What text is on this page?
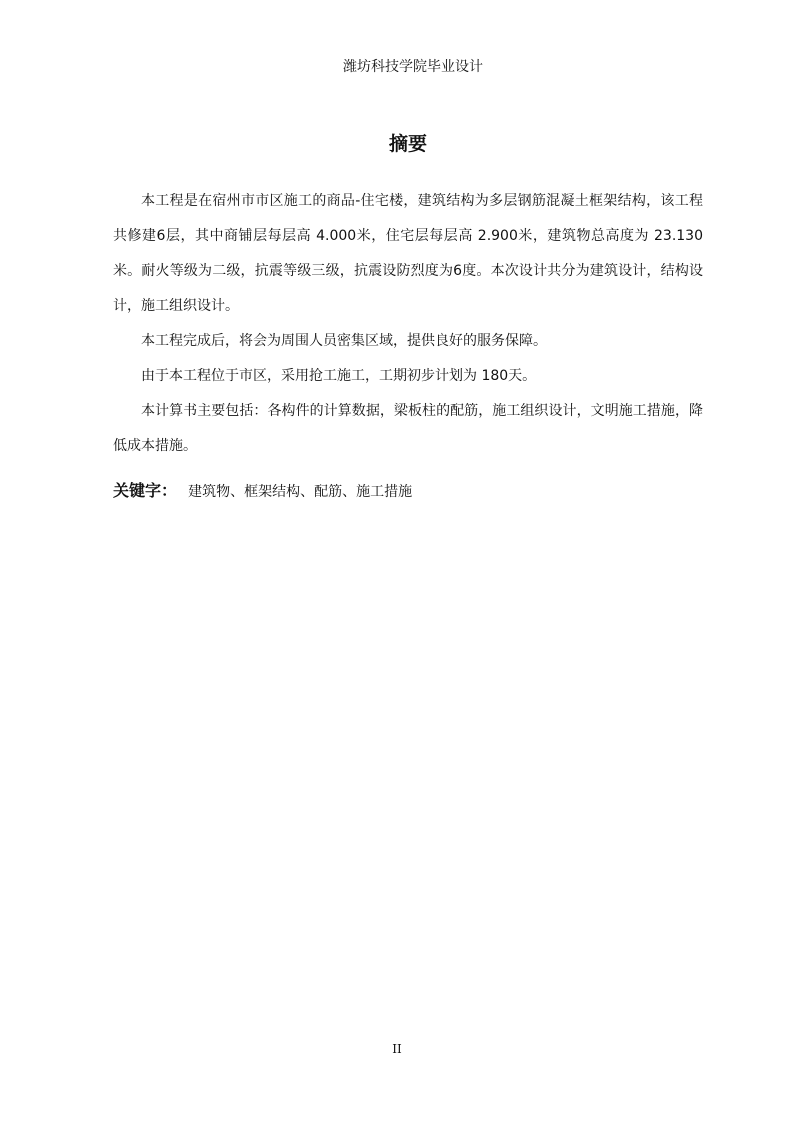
潍坊科技学院毕业设计
摘要

本工程是在宿州市市区施工的商品-住宅楼，建筑结构为多层钢筋混凝土框架结构，该工程共修建6层，其中商铺层每层高 4.000米，住宅层每层高 2.900米，建筑物总高度为 23.130米。耐火等级为二级，抗震等级三级，抗震设防烈度为6度。本次设计共分为建筑设计，结构设计，施工组织设计。

本工程完成后，将会为周围人员密集区域，提供良好的服务保障。

由于本工程位于市区，采用抢工施工，工期初步计划为 180天。

本计算书主要包括：各构件的计算数据，梁板柱的配筋，施工组织设计，文明施工措施，降低成本措施。

关键字： 建筑物、框架结构、配筋、施工措施
II
